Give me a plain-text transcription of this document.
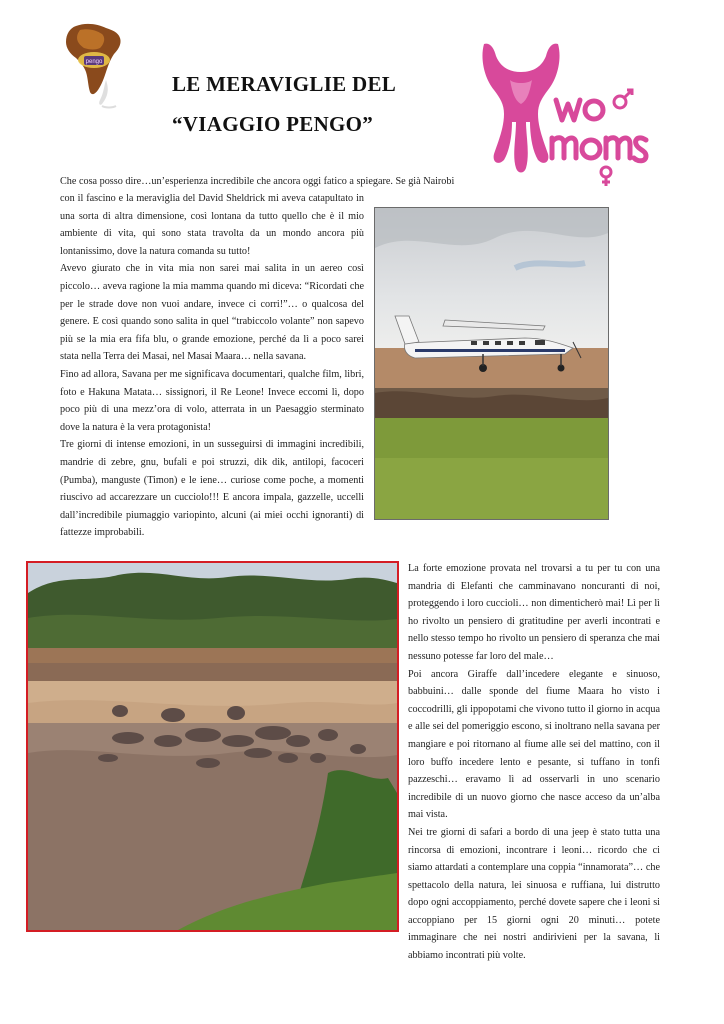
pengo
LE MERAVIGLIE DEL
“VIAGGIO PENGO”
WoMoms
Che cosa posso dire…un’esperienza incredibile che ancora oggi fatico a spiegare. Se già Nairobi

con il fascino e la meraviglia del David Sheldrick mi aveva catapultato in una sorta di altra dimensione, così lontana da tutto quello che è il mio ambiente di vita, qui sono stata travolta da un mondo ancora più lontanissimo, dove la natura comanda su tutto!

Avevo giurato che in vita mia non sarei mai salita in un aereo così piccolo… aveva ragione la mia mamma quando mi diceva: “Ricordati che per le strade dove non vuoi andare, invece ci corri!”… o qualcosa del genere. E così quando sono salita in quel “trabiccolo volante” non sapevo più se la mia era fifa blu, o grande emozione, perché da lì a poco sarei stata nella Terra dei Masai, nel Masai Maara… nella savana.

Fino ad allora, Savana per me significava documentari, qualche film, libri, foto e Hakuna Matata… sissignori, il Re Leone! Invece eccomi lì, dopo poco più di una mezz’ora di volo, atterrata in un Paesaggio sterminato dove la natura è la vera protagonista!

Tre giorni di intense emozioni, in un susseguirsi di immagini incredibili, mandrie di zebre, gnu, bufali e poi struzzi, dik dik, antilopi, facoceri (Pumba), manguste (Timon) e le iene… curiose come poche, a momenti riuscivo ad accarezzare un cucciolo!!! E ancora impala, gazzelle, uccelli dall’incredibile piumaggio variopinto, alcuni (ai miei occhi ignoranti) di fattezze improbabili.

La forte emozione provata nel trovarsi a tu per tu con una mandria di Elefanti che camminavano noncuranti di noi, proteggendo i loro cuccioli… non dimenticherò mai! Lì per lì ho rivolto un pensiero di gratitudine per averli incontrati e nello stesso tempo ho rivolto un pensiero di speranza che mai nessuno potesse far loro del male…

Poi ancora Giraffe dall’incedere elegante e sinuoso, babbuini… dalle sponde del fiume Maara ho visto i coccodrilli, gli ippopotami che vivono tutto il giorno in acqua e alle sei del pomeriggio escono, si inoltrano nella savana per mangiare e poi ritornano al fiume alle sei del mattino, con il loro buffo incedere lento e pesante, si tuffano in tonfi pazzeschi… eravamo lì ad osservarli in uno scenario incredibile di un nuovo giorno che nasce acceso da un’alba mai vista.

Nei tre giorni di safari a bordo di una jeep è stato tutta una rincorsa di emozioni, incontrare i leoni… ricordo che ci siamo attardati a contemplare una coppia “innamorata”… che spettacolo della natura, lei sinuosa e ruffiana, lui distrutto dopo ogni accoppiamento, perché dovete sapere che i leoni si accoppiano per 15 giorni ogni 20 minuti… potete immaginare che nei nostri andirivieni per la savana, li abbiamo incontrati più volte.
